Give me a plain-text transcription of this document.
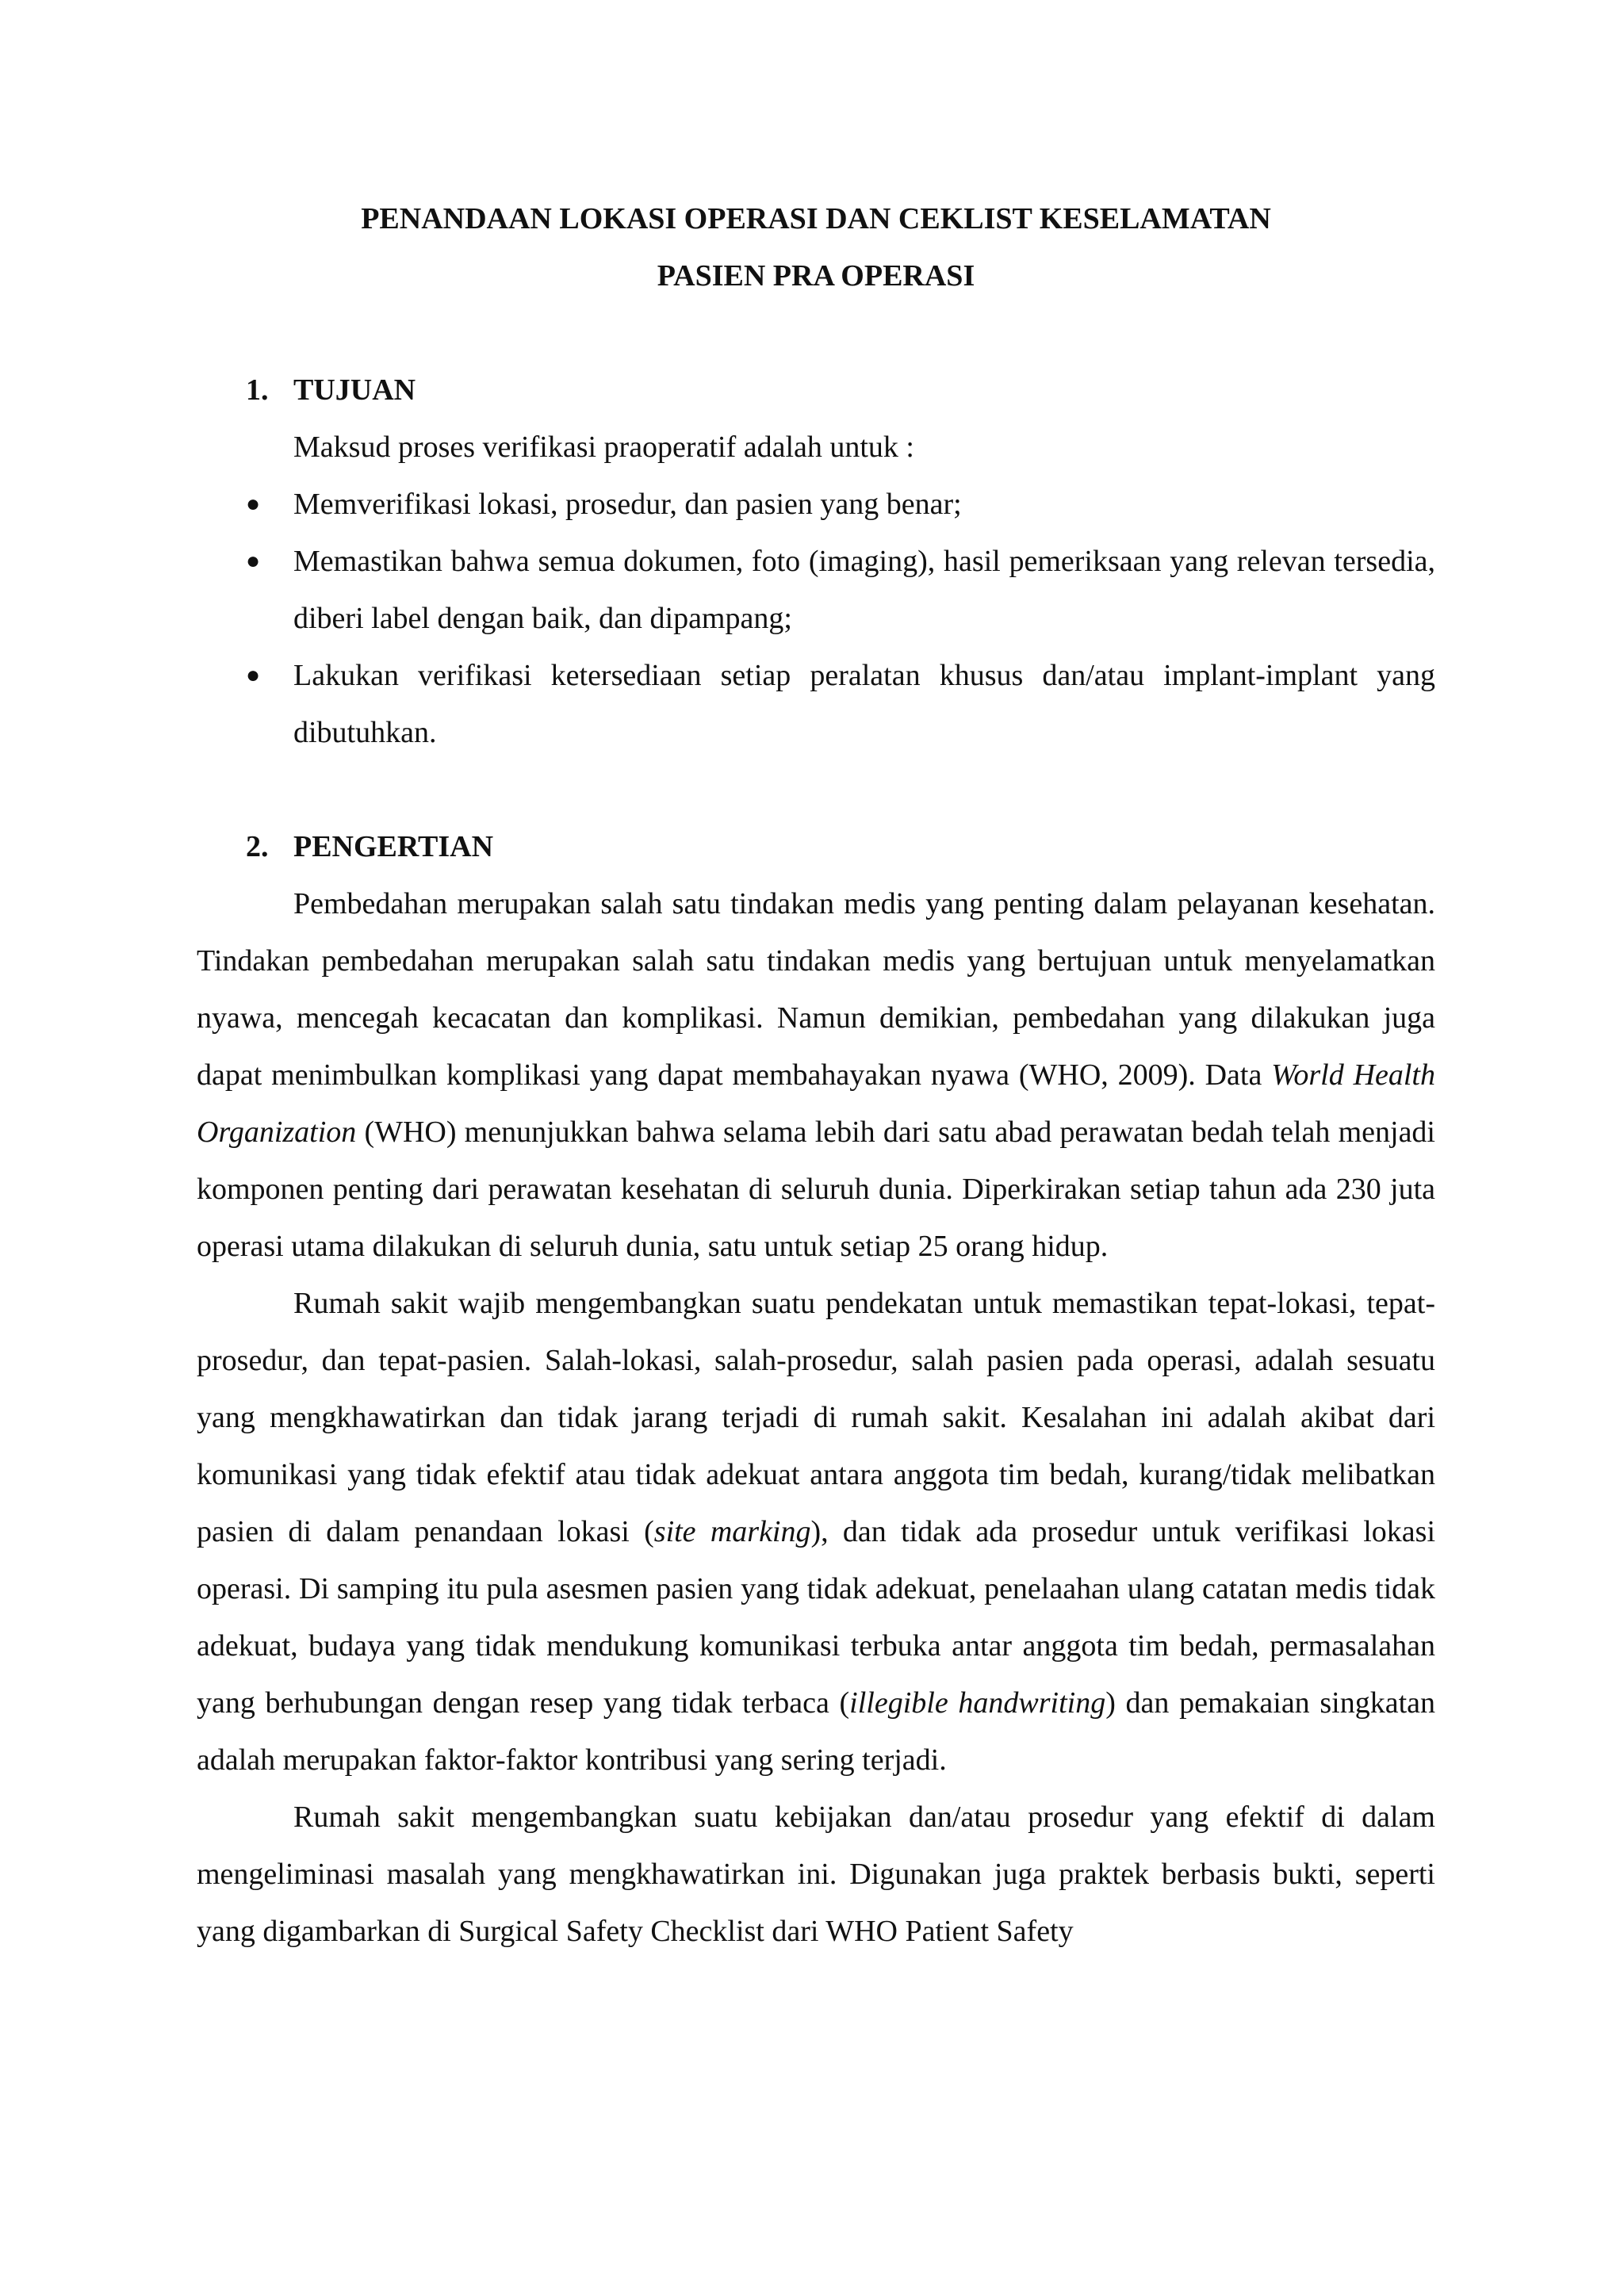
PENANDAAN LOKASI OPERASI DAN CEKLIST KESELAMATAN

PASIEN PRA OPERASI

1. TUJUAN

Maksud proses verifikasi praoperatif adalah untuk :

● Memverifikasi lokasi, prosedur, dan pasien yang benar;
● Memastikan bahwa semua dokumen, foto (imaging), hasil pemeriksaan yang relevan tersedia, diberi label dengan baik, dan dipampang;
● Lakukan verifikasi ketersediaan setiap peralatan khusus dan/atau implant-implant yang dibutuhkan.

2. PENGERTIAN

Pembedahan merupakan salah satu tindakan medis yang penting dalam pelayanan kesehatan. Tindakan pembedahan merupakan salah satu tindakan medis yang bertujuan untuk menyelamatkan nyawa, mencegah kecacatan dan komplikasi. Namun demikian, pembedahan yang dilakukan juga dapat menimbulkan komplikasi yang dapat membahayakan nyawa (WHO, 2009). Data World Health Organization (WHO) menunjukkan bahwa selama lebih dari satu abad perawatan bedah telah menjadi komponen penting dari perawatan kesehatan di seluruh dunia. Diperkirakan setiap tahun ada 230 juta operasi utama dilakukan di seluruh dunia, satu untuk setiap 25 orang hidup.

Rumah sakit wajib mengembangkan suatu pendekatan untuk memastikan tepat-lokasi, tepat-prosedur, dan tepat-pasien. Salah-lokasi, salah-prosedur, salah pasien pada operasi, adalah sesuatu yang mengkhawatirkan dan tidak jarang terjadi di rumah sakit. Kesalahan ini adalah akibat dari komunikasi yang tidak efektif atau tidak adekuat antara anggota tim bedah, kurang/tidak melibatkan pasien di dalam penandaan lokasi (site marking), dan tidak ada prosedur untuk verifikasi lokasi operasi. Di samping itu pula asesmen pasien yang tidak adekuat, penelaahan ulang catatan medis tidak adekuat, budaya yang tidak mendukung komunikasi terbuka antar anggota tim bedah, permasalahan yang berhubungan dengan resep yang tidak terbaca (illegible handwriting) dan pemakaian singkatan adalah merupakan faktor-faktor kontribusi yang sering terjadi.

Rumah sakit mengembangkan suatu kebijakan dan/atau prosedur yang efektif di dalam mengeliminasi masalah yang mengkhawatirkan ini. Digunakan juga praktek berbasis bukti, seperti yang digambarkan di Surgical Safety Checklist dari WHO Patient Safety
